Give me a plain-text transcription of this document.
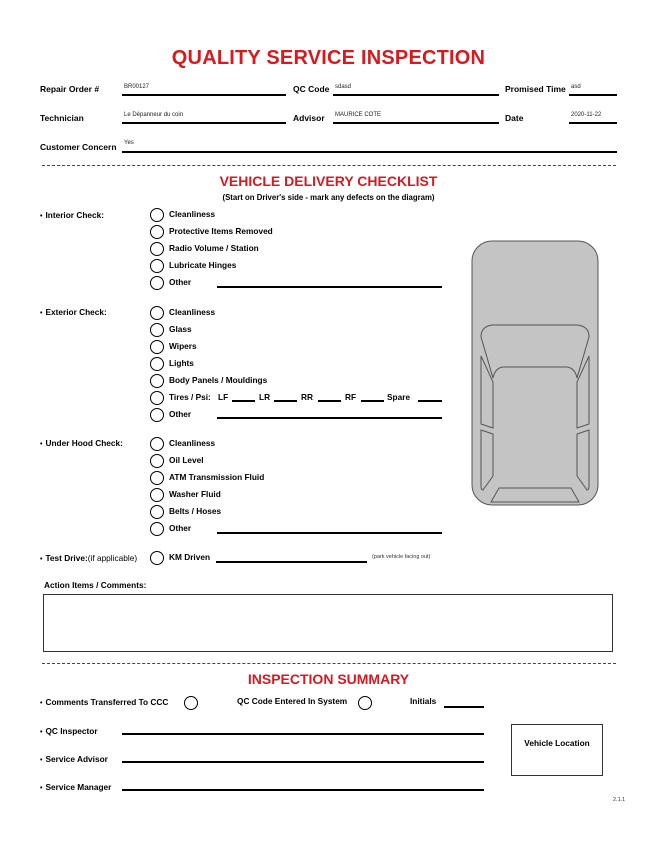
QUALITY SERVICE INSPECTION
Repair Order #	BR00127	QC Code sdasd	Promised Time asd
Technician	Le Dépanneur du coin	Advisor MAURICE COTE	Date	2020-11-22
Customer Concern Yes
VEHICLE DELIVERY CHECKLIST
(Start on Driver's side - mark any defects on the diagram)
• Interior Check:	Cleanliness
Protective Items Removed
Radio Volume / Station
Lubricate Hinges
Other
• Exterior Check:	Cleanliness
Glass
Wipers
Lights
Body Panels / Mouldings
Tires / Psi: LF	LR	RR	RF	Spare
Other
• Under Hood Check:	Cleanliness
Oil Level
ATM Transmission Fluid
Washer Fluid
Belts / Hoses
Other
• Test Drive:(if applicable)	KM Driven	(park vehicle facing out)
Action Items / Comments:
INSPECTION SUMMARY
• Comments Transferred To CCC	QC Code Entered In System	Initials
• QC Inspector
• Service Advisor
• Service Manager
Vehicle Location
2.1.1
